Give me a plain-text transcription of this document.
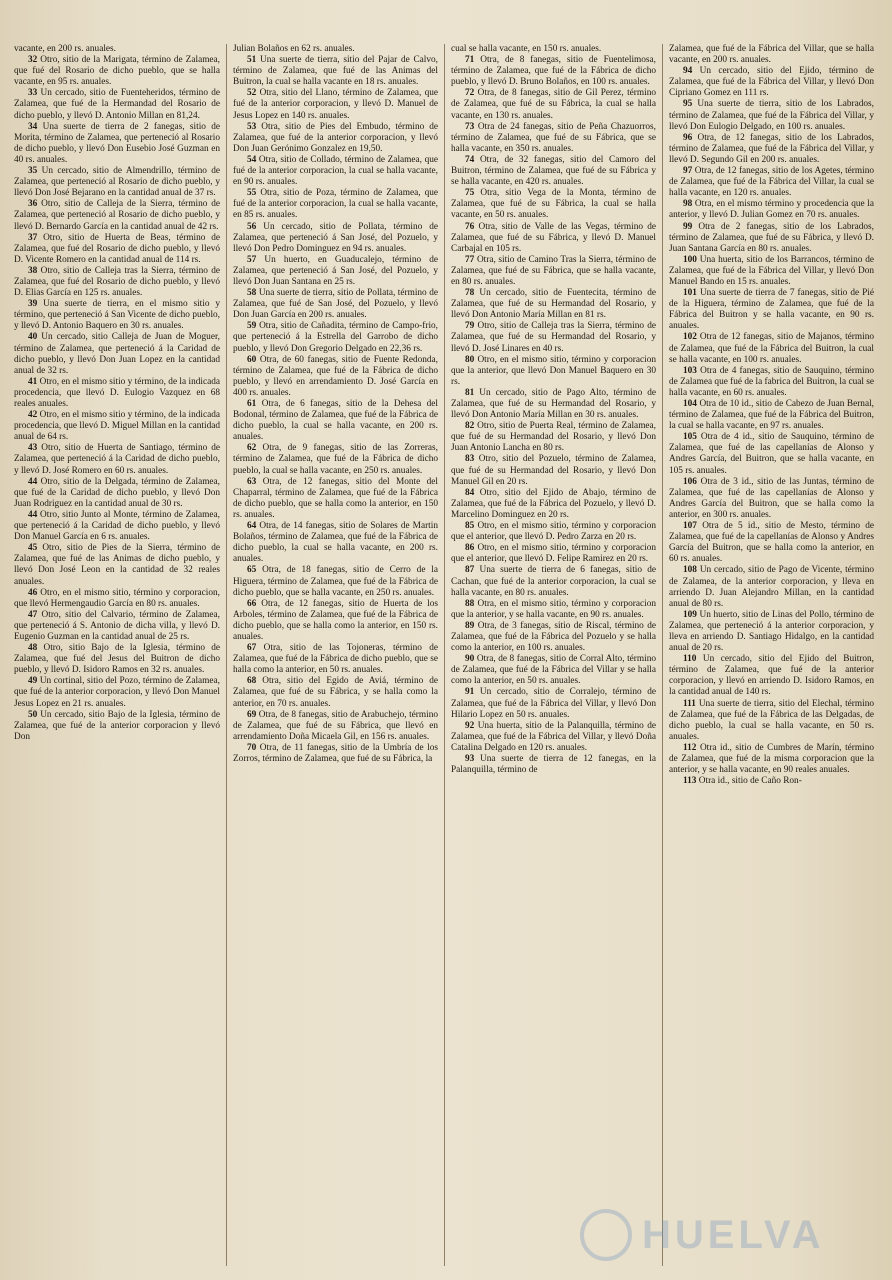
vacante, en 200 rs. anuales.

32 Otro, sitio de la Marigata, término de Zalamea, que fué del Rosario de dicho pueblo, que se halla vacante, en 95 rs. anuales.

33 Un cercado, sitio de Fuenteheridos, término de Zalamea, que fué de la Hermandad del Rosario de dicho pueblo, y llevó D. Antonio Millan en 81,24.

34 Una suerte de tierra de 2 fanegas, sitio de Morita, término de Zalamea, que perteneció al Rosario de dicho pueblo, y llevó Don Eusebio José Guzman en 40 rs. anuales.

35 Un cercado, sitio de Almendrillo, término de Zalamea, que perteneció al Rosario de dicho pueblo, y llevó Don José Bejarano en la cantidad anual de 37 rs.

36 Otro, sitio de Calleja de la Sierra, término de Zalamea, que perteneció al Rosario de dicho pueblo, y llevó D. Bernardo García en la cantidad anual de 42 rs.

37 Otro, sitio de Huerta de Beas, término de Zalamea, que fué del Rosario de dicho pueblo, y llevó D. Vicente Romero en la cantidad anual de 114 rs.

38 Otro, sitio de Calleja tras la Sierra, término de Zalamea, que fué del Rosario de dicho pueblo, y llevó D. Elias García en 125 rs. anuales.

39 Una suerte de tierra, en el mismo sitio y término, que perteneció á San Vicente de dicho pueblo, y llevó D. Antonio Baquero en 30 rs. anuales.

40 Un cercado, sitio Calleja de Juan de Moguer, término de Zalamea, que perteneció á la Caridad de dicho pueblo, y llevó Don Juan Lopez en la cantidad anual de 32 rs.

41 Otro, en el mismo sitio y término, de la indicada procedencia, que llevó D. Eulogio Vazquez en 68 reales anuales.

42 Otro, en el mismo sitio y término, de la indicada procedencia, que llevó D. Miguel Millan en la cantidad anual de 64 rs.

43 Otro, sitio de Huerta de Santiago, término de Zalamea, que perteneció á la Caridad de dicho pueblo, y llevó D. José Romero en 60 rs. anuales.

44 Otro, sitio de la Delgada, término de Zalamea, que fué de la Caridad de dicho pueblo, y llevó Don Juan Rodriguez en la cantidad anual de 30 rs.

44 Otro, sitio Junto al Monte, término de Zalamea, que perteneció á la Caridad de dicho pueblo, y llevó Don Manuel García en 6 rs. anuales.

45 Otro, sitio de Pies de la Sierra, término de Zalamea, que fué de las Animas de dicho pueblo, y llevó Don José Leon en la cantidad de 32 reales anuales.

46 Otro, en el mismo sitio, término y corporacion, que llevó Hermengaudio García en 80 rs. anuales.

47 Otro, sitio del Calvario, término de Zalamea, que perteneció á S. Antonio de dicha villa, y llevó D. Eugenio Guzman en la cantidad anual de 25 rs.

48 Otro, sitio Bajo de la Iglesia, término de Zalamea, que fué del Jesus del Buitron de dicho pueblo, y llevó D. Isidoro Ramos en 32 rs. anuales.

49 Un cortinal, sitio del Pozo, término de Zalamea, que fué de la anterior corporacion, y llevó Don Manuel Jesus Lopez en 21 rs. anuales.

50 Un cercado, sitio Bajo de la Iglesia, término de Zalamea, que fué de la anterior corporacion y llevó Don

Julian Bolaños en 62 rs. anuales.

51 Una suerte de tierra, sitio del Pajar de Calvo, término de Zalamea, que fué de las Animas del Buitron, la cual se halla vacante en 18 rs. anuales.

52 Otra, sitio del Llano, término de Zalamea, que fué de la anterior corporacion, y llevó D. Manuel de Jesus Lopez en 140 rs. anuales.

53 Otra, sitio de Pies del Embudo, término de Zalamea, que fué de la anterior corporacion, y llevó Don Juan Gerónimo Gonzalez en 19,50.

54 Otra, sitio de Collado, término de Zalamea, que fué de la anterior corporacion, la cual se halla vacante, en 90 rs. anuales.

55 Otra, sitio de Poza, término de Zalamea, que fué de la anterior corporacion, la cual se halla vacante, en 85 rs. anuales.

56 Un cercado, sitio de Pollata, término de Zalamea, que perteneció á San José, del Pozuelo, y llevó Don Pedro Dominguez en 94 rs. anuales.

57 Un huerto, en Guaducalejo, término de Zalamea, que perteneció á San José, del Pozuelo, y llevó Don Juan Santana en 25 rs.

58 Una suerte de tierra, sitio de Pollata, término de Zalamea, que fué de San José, del Pozuelo, y llevó Don Juan García en 200 rs. anuales.

59 Otra, sitio de Cañadita, término de Campo-frio, que perteneció á la Estrella del Garrobo de dicho pueblo, y llevó Don Gregorio Delgado en 22,36 rs.

60 Otra, de 60 fanegas, sitio de Fuente Redonda, término de Zalamea, que fué de la Fábrica de dicho pueblo, y llevó en arrendamiento D. José García en 400 rs. anuales.

61 Otra, de 6 fanegas, sitio de la Dehesa del Bodonal, término de Zalamea, que fué de la Fábrica de dicho pueblo, la cual se halla vacante, en 200 rs. anuales.

62 Otra, de 9 fanegas, sitio de las Zorreras, término de Zalamea, que fué de la Fábrica de dicho pueblo, la cual se halla vacante, en 250 rs. anuales.

63 Otra, de 12 fanegas, sitio del Monte del Chaparral, término de Zalamea, que fué de la Fábrica de dicho pueblo, que se halla como la anterior, en 150 rs. anuales.

64 Otra, de 14 fanegas, sitio de Solares de Martin Bolaños, término de Zalamea, que fué de la Fábrica de dicho pueblo, la cual se halla vacante, en 200 rs. anuales.

65 Otra, de 18 fanegas, sitio de Cerro de la Higuera, término de Zalamea, que fué de la Fábrica de dicho pueblo, que se halla vacante, en 250 rs. anuales.

66 Otra, de 12 fanegas, sitio de Huerta de los Arboles, término de Zalamea, que fué de la Fábrica de dicho pueblo, que se halla como la anterior, en 150 rs. anuales.

67 Otra, sitio de las Tojoneras, término de Zalamea, que fué de la Fábrica de dicho pueblo, que se halla como la anterior, en 50 rs. anuales.

68 Otra, sitio del Egido de Aviá, término de Zalamea, que fué de su Fábrica, y se halla como la anterior, en 70 rs. anuales.

69 Otra, de 8 fanegas, sitio de Arabuchejo, término de Zalamea, que fué de su Fábrica, que llevó en arrendamiento Doña Micaela Gil, en 156 rs. anuales.

70 Otra, de 11 fanegas, sitio de la Umbría de los Zorros, término de Zalamea, que fué de su Fábrica, la

cual se halla vacante, en 150 rs. anuales.

71 Otra, de 8 fanegas, sitio de Fuentelimosa, término de Zalamea, que fué de la Fábrica de dicho pueblo, y llevó D. Bruno Bolaños, en 100 rs. anuales.

72 Otra, de 8 fanegas, sitio de Gil Perez, término de Zalamea, que fué de su Fábrica, la cual se halla vacante, en 130 rs. anuales.

73 Otra de 24 fanegas, sitio de Peña Chazuorros, término de Zalamea, que fué de su Fábrica, que se halla vacante, en 350 rs. anuales.

74 Otra, de 32 fanegas, sitio del Camoro del Buitron, término de Zalamea, que fué de su Fábrica y se halla vacante, en 420 rs. anuales.

75 Otra, sitio Vega de la Monta, término de Zalamea, que fué de su Fábrica, la cual se halla vacante, en 50 rs. anuales.

76 Otra, sitio de Valle de las Vegas, término de Zalamea, que fué de su Fábrica, y llevó D. Manuel Carbajal en 105 rs.

77 Otra, sitio de Camino Tras la Sierra, término de Zalamea, que fué de su Fábrica, que se halla vacante, en 80 rs. anuales.

78 Un cercado, sitio de Fuentecita, término de Zalamea, que fué de su Hermandad del Rosario, y llevó Don Antonio María Millan en 81 rs.

79 Otro, sitio de Calleja tras la Sierra, término de Zalamea, que fué de su Hermandad del Rosario, y llevó D. José Linares en 40 rs.

80 Otro, en el mismo sitio, término y corporacion que la anterior, que llevó Don Manuel Baquero en 30 rs.

81 Un cercado, sitio de Pago Alto, término de Zalamea, que fué de su Hermandad del Rosario, y llevó Don Antonio María Millan en 30 rs. anuales.

82 Otro, sitio de Puerta Real, término de Zalamea, que fué de su Hermandad del Rosario, y llevó Don Juan Antonio Lancha en 80 rs.

83 Otro, sitio del Pozuelo, término de Zalamea, que fué de su Hermandad del Rosario, y llevó Don Manuel Gil en 20 rs.

84 Otro, sitio del Ejido de Abajo, término de Zalamea, que fué de la Fábrica del Pozuelo, y llevó D. Marcelino Dominguez en 20 rs.

85 Otro, en el mismo sitio, término y corporacion que el anterior, que llevó D. Pedro Zarza en 20 rs.

86 Otro, en el mismo sitio, término y corporacion que el anterior, que llevó D. Felipe Ramirez en 20 rs.

87 Una suerte de tierra de 6 fanegas, sitio de Cachan, que fué de la anterior corporacion, la cual se halla vacante, en 80 rs. anuales.

88 Otra, en el mismo sitio, término y corporacion que la anterior, y se halla vacante, en 90 rs. anuales.

89 Otra, de 3 fanegas, sitio de Riscal, término de Zalamea, que fué de la Fábrica del Pozuelo y se halla como la anterior, en 100 rs. anuales.

90 Otra, de 8 fanegas, sitio de Corral Alto, término de Zalamea, que fué de la Fábrica del Villar y se halla como la anterior, en 50 rs. anuales.

91 Un cercado, sitio de Corralejo, término de Zalamea, que fué de la Fábrica del Villar, y llevó Don Hilario Lopez en 50 rs. anuales.

92 Una huerta, sitio de la Palanquilla, término de Zalamea, que fué de la Fábrica del Villar, y llevó Doña Catalina Delgado en 120 rs. anuales.

93 Una suerte de tierra de 12 fanegas, en la Palanquilla, término de

Zalamea, que fué de la Fábrica del Villar, que se halla vacante, en 200 rs. anuales.

94 Un cercado, sitio del Ejido, término de Zalamea, que fué de la Fábrica del Villar, y llevó Don Cipriano Gomez en 111 rs.

95 Una suerte de tierra, sitio de los Labrados, término de Zalamea, que fué de la Fábrica del Villar, y llevó Don Eulogio Delgado, en 100 rs. anuales.

96 Otra, de 12 fanegas, sitio de los Labrados, término de Zalamea, que fué de la Fábrica del Villar, y llevó D. Segundo Gil en 200 rs. anuales.

97 Otra, de 12 fanegas, sitio de los Agetes, término de Zalamea, que fué de la Fábrica del Villar, la cual se halla vacante, en 120 rs. anuales.

98 Otra, en el mismo término y procedencia que la anterior, y llevó D. Julian Gomez en 70 rs. anuales.

99 Otra de 2 fanegas, sitio de los Labrados, término de Zalamea, que fué de su Fábrica, y llevó D. Juan Santana García en 80 rs. anuales.

100 Una huerta, sitio de los Barrancos, término de Zalamea, que fué de la Fábrica del Villar, y llevó Don Manuel Bando en 15 rs. anuales.

101 Una suerte de tierra de 7 fanegas, sitio de Pié de la Higuera, término de Zalamea, que fué de la Fábrica del Buitron y se halla vacante, en 90 rs. anuales.

102 Otra de 12 fanegas, sitio de Majanos, término de Zalamea, que fué de la Fábrica del Buitron, la cual se halla vacante, en 100 rs. anuales.

103 Otra de 4 fanegas, sitio de Sauquino, término de Zalamea que fué de la fabrica del Buitron, la cual se halla vacante, en 60 rs. anuales.

104 Otra de 10 id., sitio de Cabezo de Juan Bernal, término de Zalamea, que fué de la Fábrica del Buitron, la cual se halla vacante, en 97 rs. anuales.

105 Otra de 4 id., sitio de Sauquino, término de Zalamea, que fué de las capellanías de Alonso y Andres García, del Buitron, que se halla vacante, en 105 rs. anuales.

106 Otra de 3 id., sitio de las Juntas, término de Zalamea, que fué de las capellanías de Alonso y Andres García del Buitron, que se halla como la anterior, en 300 rs. anuales.

107 Otra de 5 id., sitio de Mesto, término de Zalamea, que fué de la capellanías de Alonso y Andres García del Buitron, que se halla como la anterior, en 60 rs. anuales.

108 Un cercado, sitio de Pago de Vicente, término de Zalamea, de la anterior corporacion, y lleva en arriendo D. Juan Alejandro Millan, en la cantidad anual de 80 rs.

109 Un huerto, sitio de Linas del Pollo, término de Zalamea, que perteneció á la anterior corporacion, y lleva en arriendo D. Santiago Hidalgo, en la cantidad anual de 20 rs.

110 Un cercado, sitio del Ejido del Buitron, término de Zalamea, que fué de la anterior corporacion, y llevó en arriendo D. Isidoro Ramos, en la cantidad anual de 140 rs.

111 Una suerte de tierra, sitio del Elechal, término de Zalamea, que fué de la Fábrica de las Delgadas, de dicho pueblo, la cual se halla vacante, en 50 rs. anuales.

112 Otra id., sitio de Cumbres de Marín, término de Zalamea, que fué de la misma corporacion que la anterior, y se halla vacante, en 90 reales anuales.

113 Otra id., sitio de Caño Ron-

HUELVA
